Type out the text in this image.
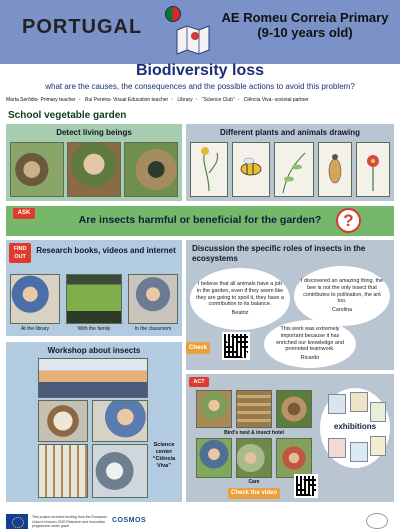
PORTUGAL	AE Romeu Correia Primary (9-10 years old)
Biodiversity loss
what are the causes, the consequences and the possible actions to avoid this problem?
Marta Serôdio- Primary teacher • Rui Pereira- Visual Education teacher • Library • “Science Club” • Ciência Viva- societal partner
School vegetable garden
Detect living beings	Different plants and animals drawing
ASK
Are insects harmful or beneficial for the garden?	?
FIND
OUT
Research books, videos and internet
At the library	With the family	In the classroom
Discussion the specific roles of insects in the ecosystems
I believe that all animals have a job in the garden, even if they seem like they are going to spoil it, they have a contribution to its balance.
Beatriz
I discovered an amazing thing, the bee is not the only insect that contributes to pollination, the ant too.
Carolina
This work was extremely important because it has enriched our knowledge and promoted teamwork.
Ricardo
Check
Workshop about insects
Science center “Ciência Viva”
ACT
Bird's nest & insect hotel
Care
Check the video
exhibitions
This project received funding from the European Union's Horizon 2020 Research and Innovation programme under grant
COSMOS
